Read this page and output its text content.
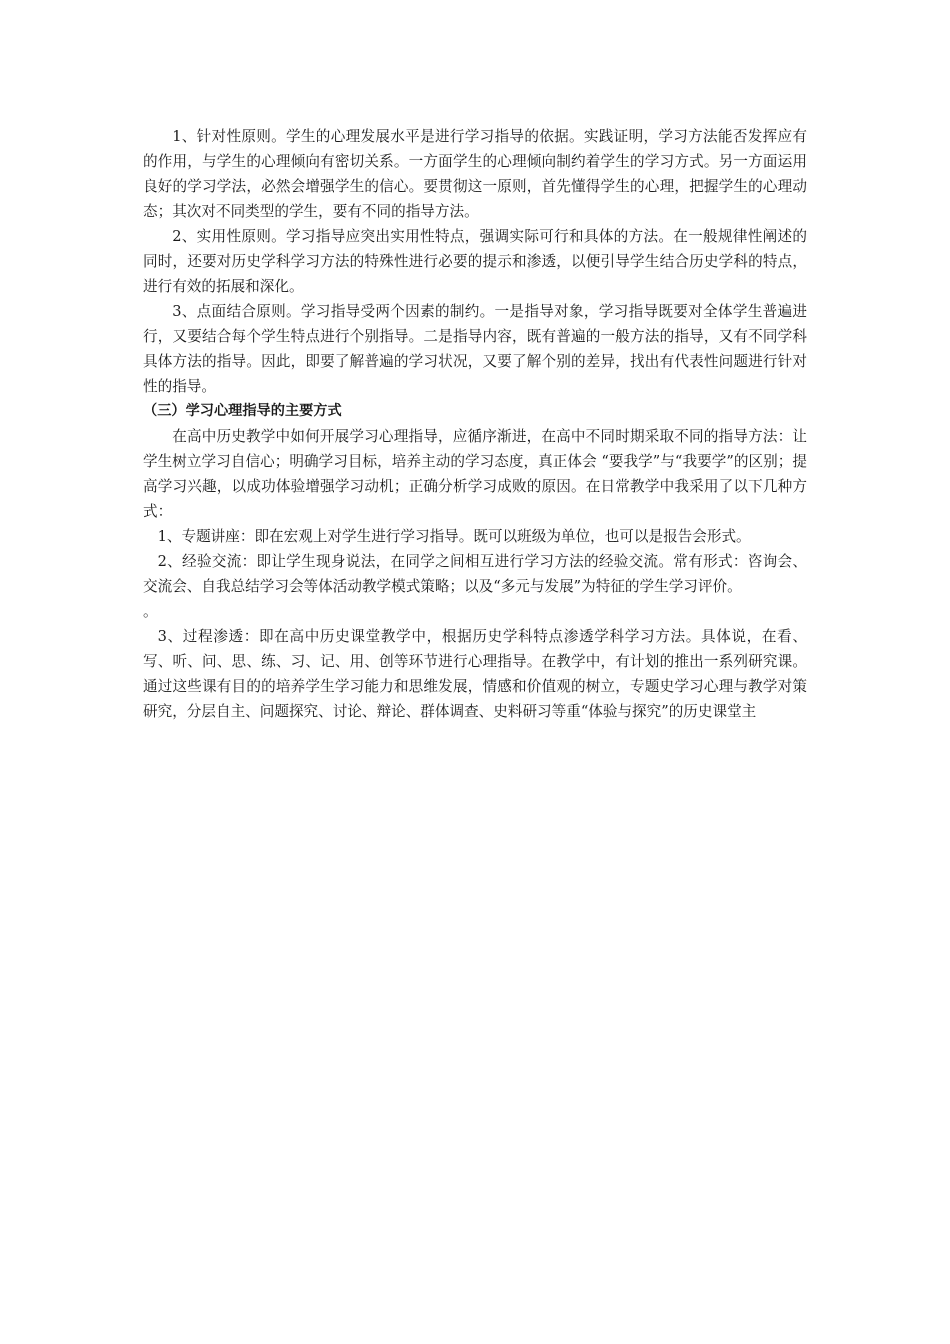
1、针对性原则。学生的心理发展水平是进行学习指导的依据。实践证明，学习方法能否发挥应有的作用，与学生的心理倾向有密切关系。一方面学生的心理倾向制约着学生的学习方式。另一方面运用良好的学习学法，必然会增强学生的信心。要贯彻这一原则，首先懂得学生的心理，把握学生的心理动态；其次对不同类型的学生，要有不同的指导方法。

2、实用性原则。学习指导应突出实用性特点，强调实际可行和具体的方法。在一般规律性阐述的同时，还要对历史学科学习方法的特殊性进行必要的提示和渗透，以便引导学生结合历史学科的特点，进行有效的拓展和深化。

3、点面结合原则。学习指导受两个因素的制约。一是指导对象，学习指导既要对全体学生普遍进行，又要结合每个学生特点进行个别指导。二是指导内容，既有普遍的一般方法的指导，又有不同学科具体方法的指导。因此，即要了解普遍的学习状况，又要了解个别的差异，找出有代表性问题进行针对性的指导。

（三）学习心理指导的主要方式

在高中历史教学中如何开展学习心理指导，应循序渐进，在高中不同时期采取不同的指导方法：让学生树立学习自信心；明确学习目标，培养主动的学习态度，真正体会 “要我学”与“我要学”的区别；提高学习兴趣，以成功体验增强学习动机；正确分析学习成败的原因。在日常教学中我采用了以下几种方式：

1、专题讲座：即在宏观上对学生进行学习指导。既可以班级为单位，也可以是报告会形式。

2、经验交流：即让学生现身说法，在同学之间相互进行学习方法的经验交流。常有形式：咨询会、交流会、自我总结学习会等体活动教学模式策略；以及“多元与发展”为特征的学生学习评价。

。

3、过程渗透：即在高中历史课堂教学中，根据历史学科特点渗透学科学习方法。具体说，在看、写、听、问、思、练、习、记、用、创等环节进行心理指导。在教学中，有计划的推出一系列研究课。通过这些课有目的的培养学生学习能力和思维发展，情感和价值观的树立，专题史学习心理与教学对策研究，分层自主、问题探究、讨论、辩论、群体调查、史料研习等重“体验与探究”的历史课堂主
